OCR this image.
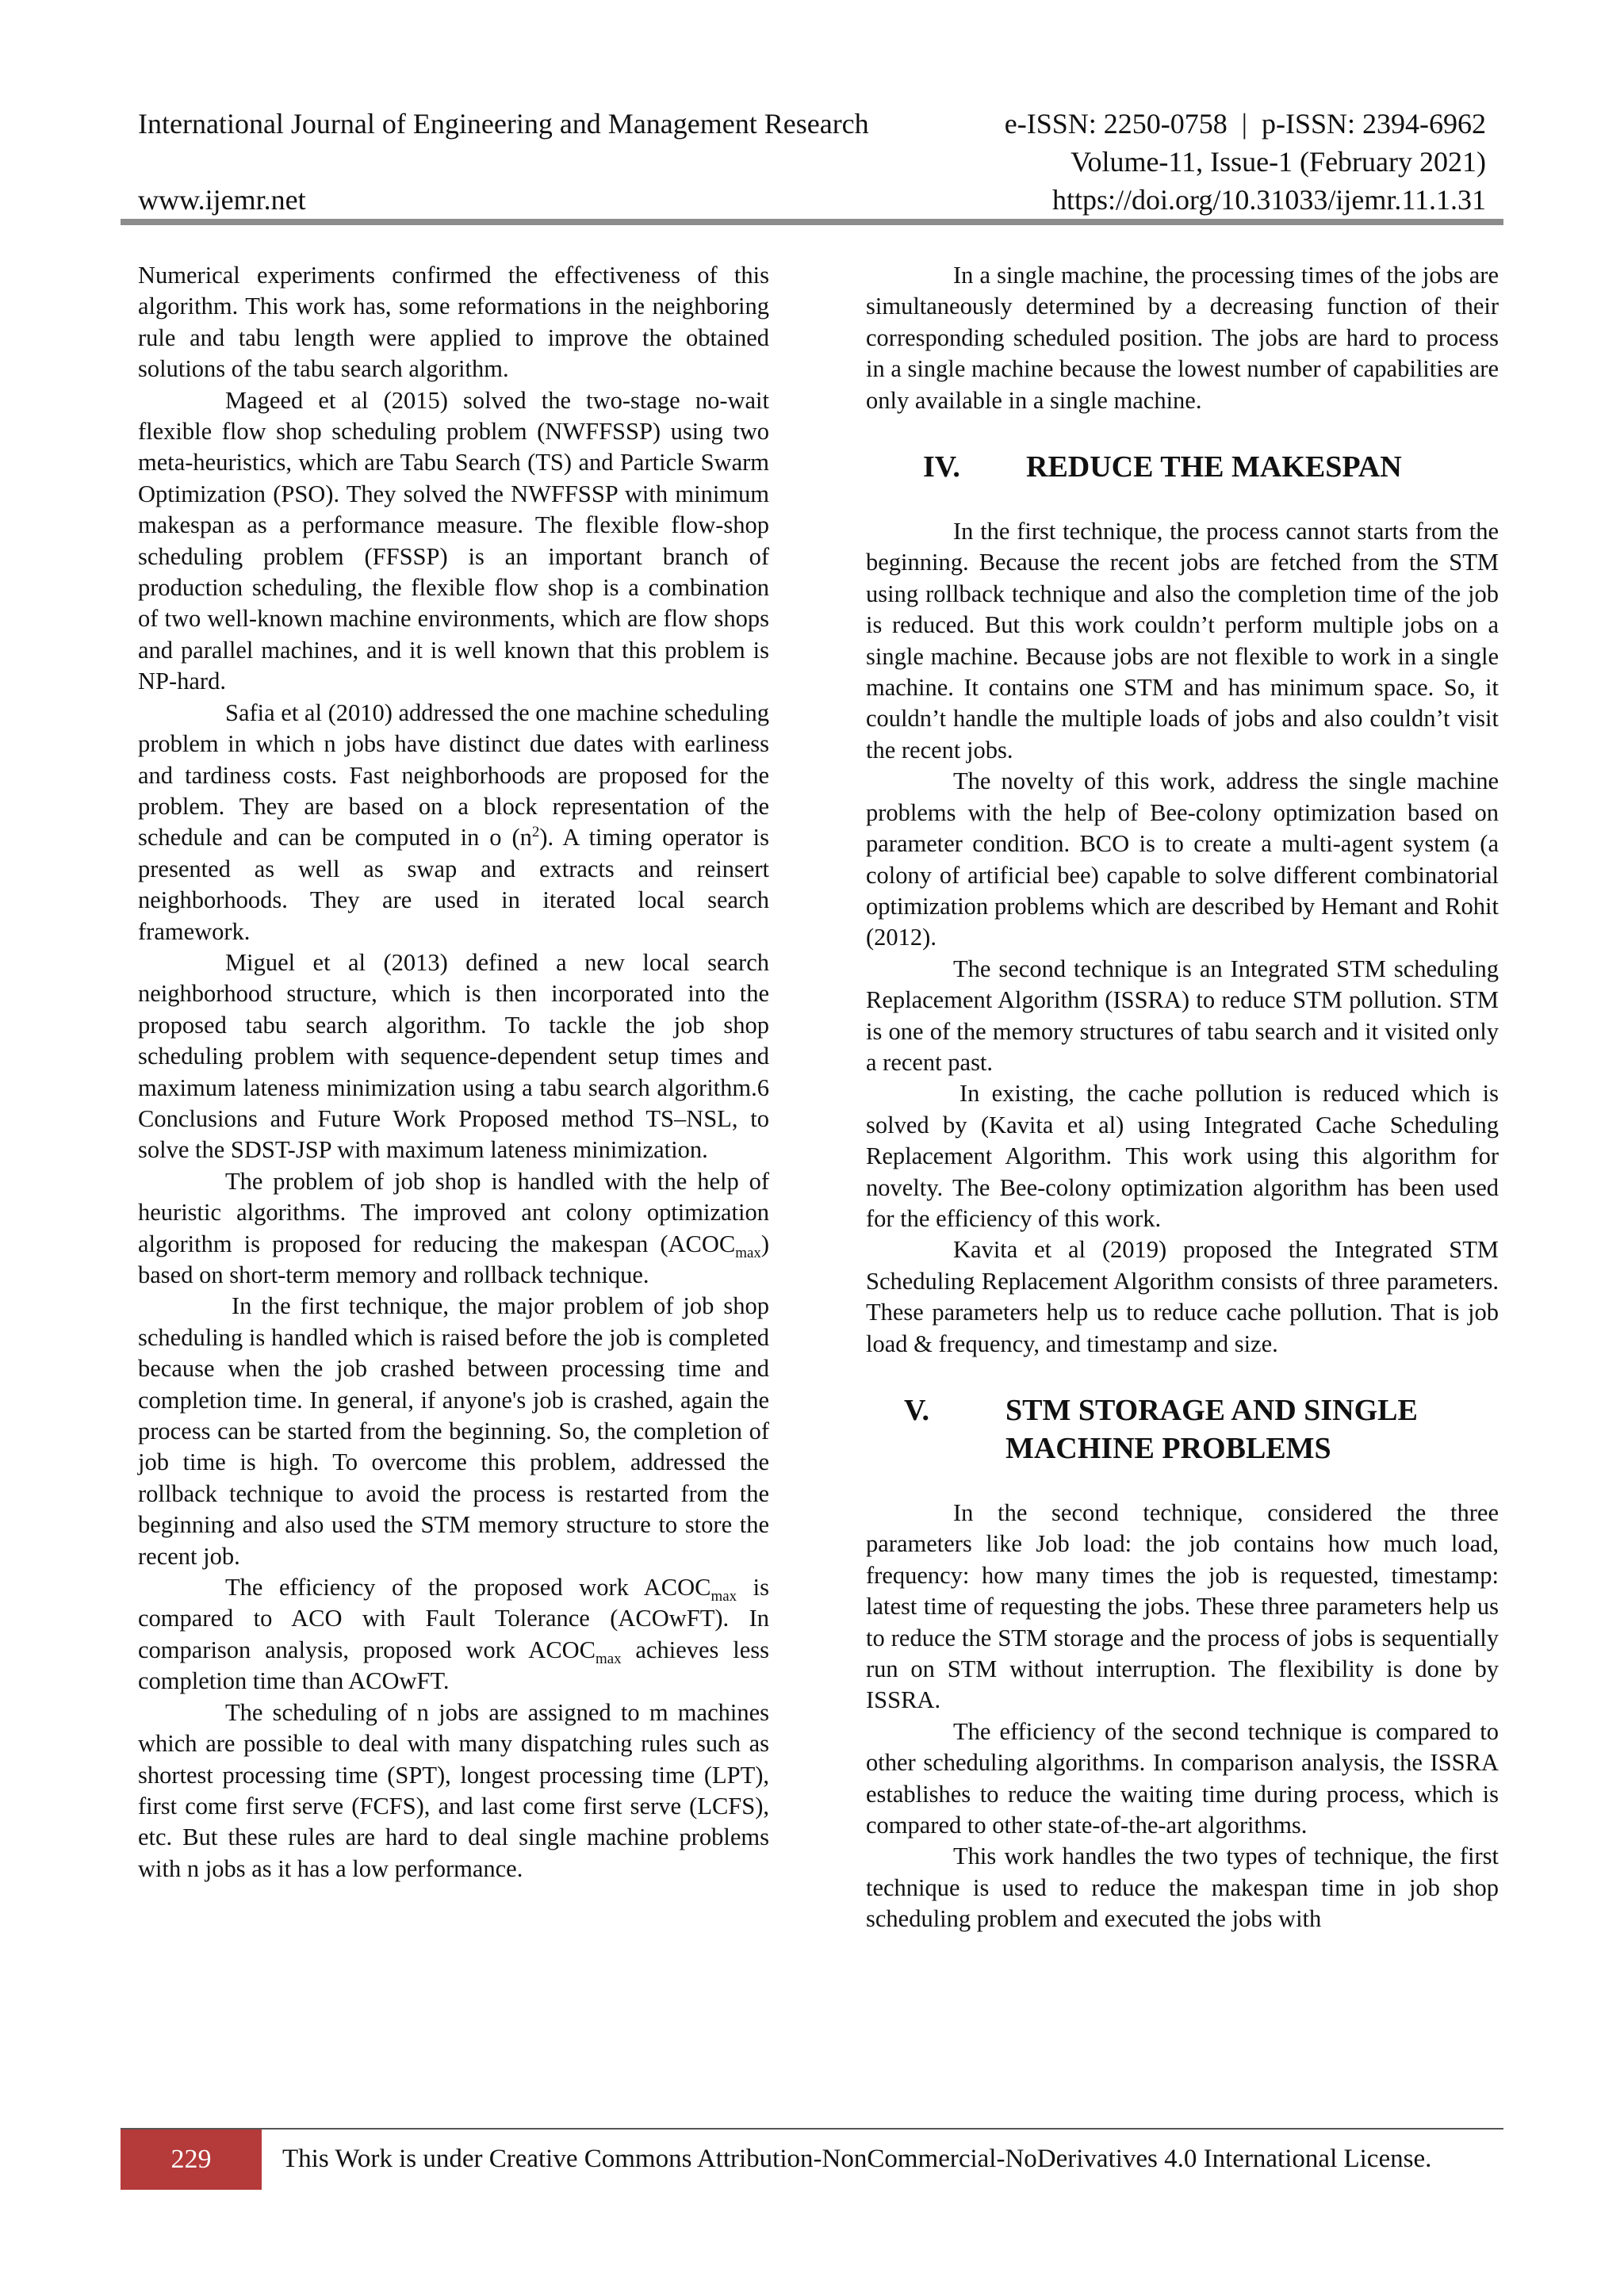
International Journal of Engineering and Management Research
www.ijemr.net
e-ISSN: 2250-0758  |  p-ISSN: 2394-6962
Volume-11, Issue-1 (February 2021)
https://doi.org/10.31033/ijemr.11.1.31

Numerical experiments confirmed the effectiveness of this algorithm. This work has, some reformations in the neighboring rule and tabu length were applied to improve the obtained solutions of the tabu search algorithm.

Mageed et al (2015) solved the two-stage no-wait flexible flow shop scheduling problem (NWFFSSP) using two meta-heuristics, which are Tabu Search (TS) and Particle Swarm Optimization (PSO). They solved the NWFFSSP with minimum makespan as a performance measure. The flexible flow-shop scheduling problem (FFSSP) is an important branch of production scheduling, the flexible flow shop is a combination of two well-known machine environments, which are flow shops and parallel machines, and it is well known that this problem is NP-hard.

Safia et al (2010) addressed the one machine scheduling problem in which n jobs have distinct due dates with earliness and tardiness costs. Fast neighborhoods are proposed for the problem. They are based on a block representation of the schedule and can be computed in o $(n^2)$. A timing operator is presented as well as swap and extracts and reinsert neighborhoods. They are used in iterated local search framework.

Miguel et al (2013) defined a new local search neighborhood structure, which is then incorporated into the proposed tabu search algorithm. To tackle the job shop scheduling problem with sequence-dependent setup times and maximum lateness minimization using a tabu search algorithm.6 Conclusions and Future Work Proposed method TS–NSL, to solve the SDST-JSP with maximum lateness minimization.

The problem of job shop is handled with the help of heuristic algorithms. The improved ant colony optimization algorithm is proposed for reducing the makespan $(ACOC_{max})$ based on short-term memory and rollback technique.

In the first technique, the major problem of job shop scheduling is handled which is raised before the job is completed because when the job crashed between processing time and completion time. In general, if anyone's job is crashed, again the process can be started from the beginning. So, the completion of job time is high. To overcome this problem, addressed the rollback technique to avoid the process is restarted from the beginning and also used the STM memory structure to store the recent job.

The efficiency of the proposed work $ACOC_{max}$ is compared to ACO with Fault Tolerance (ACOwFT). In comparison analysis, proposed work $ACOC_{max}$ achieves less completion time than ACOwFT.

The scheduling of n jobs are assigned to m machines which are possible to deal with many dispatching rules such as shortest processing time (SPT), longest processing time (LPT), first come first serve (FCFS), and last come first serve (LCFS), etc. But these rules are hard to deal single machine problems with n jobs as it has a low performance.

In a single machine, the processing times of the jobs are simultaneously determined by a decreasing function of their corresponding scheduled position. The jobs are hard to process in a single machine because the lowest number of capabilities are only available in a single machine.

IV.	REDUCE THE MAKESPAN

In the first technique, the process cannot starts from the beginning. Because the recent jobs are fetched from the STM using rollback technique and also the completion time of the job is reduced. But this work couldn’t perform multiple jobs on a single machine. Because jobs are not flexible to work in a single machine. It contains one STM and has minimum space. So, it couldn’t handle the multiple loads of jobs and also couldn’t visit the recent jobs.

The novelty of this work, address the single machine problems with the help of Bee-colony optimization based on parameter condition. BCO is to create a multi-agent system (a colony of artificial bee) capable to solve different combinatorial optimization problems which are described by Hemant and Rohit (2012).

The second technique is an Integrated STM scheduling Replacement Algorithm (ISSRA) to reduce STM pollution. STM is one of the memory structures of tabu search and it visited only a recent past.

In existing, the cache pollution is reduced which is solved by (Kavita et al) using Integrated Cache Scheduling Replacement Algorithm. This work using this algorithm for novelty. The Bee-colony optimization algorithm has been used for the efficiency of this work.

Kavita et al (2019) proposed the Integrated STM Scheduling Replacement Algorithm consists of three parameters. These parameters help us to reduce cache pollution. That is job load & frequency, and timestamp and size.

V.	STM STORAGE AND SINGLE MACHINE PROBLEMS

In the second technique, considered the three parameters like Job load: the job contains how much load, frequency: how many times the job is requested, timestamp: latest time of requesting the jobs. These three parameters help us to reduce the STM storage and the process of jobs is sequentially run on STM without interruption. The flexibility is done by ISSRA.

The efficiency of the second technique is compared to other scheduling algorithms. In comparison analysis, the ISSRA establishes to reduce the waiting time during process, which is compared to other state-of-the-art algorithms.

This work handles the two types of technique, the first technique is used to reduce the makespan time in job shop scheduling problem and executed the jobs with

229	This Work is under Creative Commons Attribution-NonCommercial-NoDerivatives 4.0 International License.
